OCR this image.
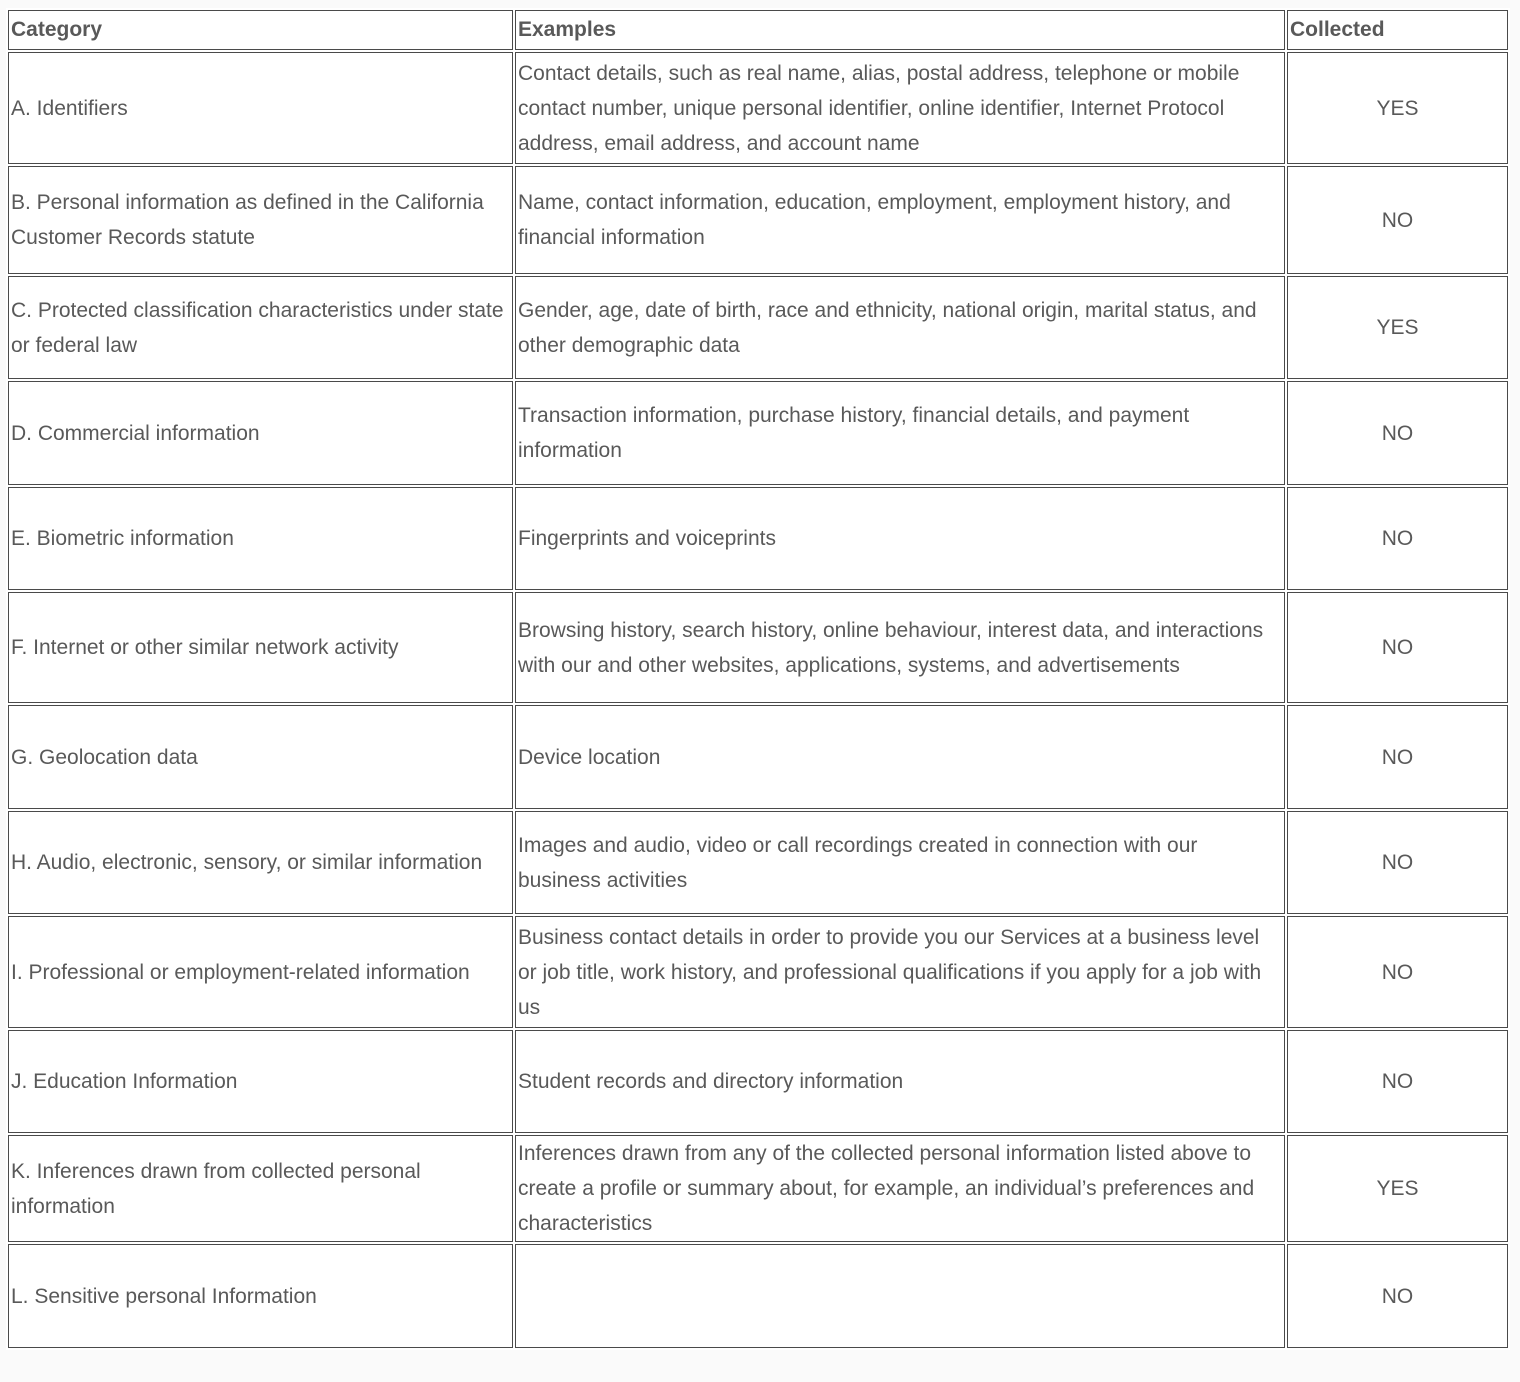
Category	Examples	Collected
A. Identifiers	Contact details, such as real name, alias, postal address, telephone or mobile contact number, unique personal identifier, online identifier, Internet Protocol address, email address, and account name	YES
B. Personal information as defined in the California Customer Records statute	Name, contact information, education, employment, employment history, and financial information	NO
C. Protected classification characteristics under state or federal law	Gender, age, date of birth, race and ethnicity, national origin, marital status, and other demographic data	YES
D. Commercial information	Transaction information, purchase history, financial details, and payment information	NO
E. Biometric information	Fingerprints and voiceprints	NO
F. Internet or other similar network activity	Browsing history, search history, online behaviour, interest data, and interactions with our and other websites, applications, systems, and advertisements	NO
G. Geolocation data	Device location	NO
H. Audio, electronic, sensory, or similar information	Images and audio, video or call recordings created in connection with our business activities	NO
I. Professional or employment-related information	Business contact details in order to provide you our Services at a business level or job title, work history, and professional qualifications if you apply for a job with us	NO
J. Education Information	Student records and directory information	NO
K. Inferences drawn from collected personal information	Inferences drawn from any of the collected personal information listed above to create a profile or summary about, for example, an individual’s preferences and characteristics	YES
L. Sensitive personal Information		NO
